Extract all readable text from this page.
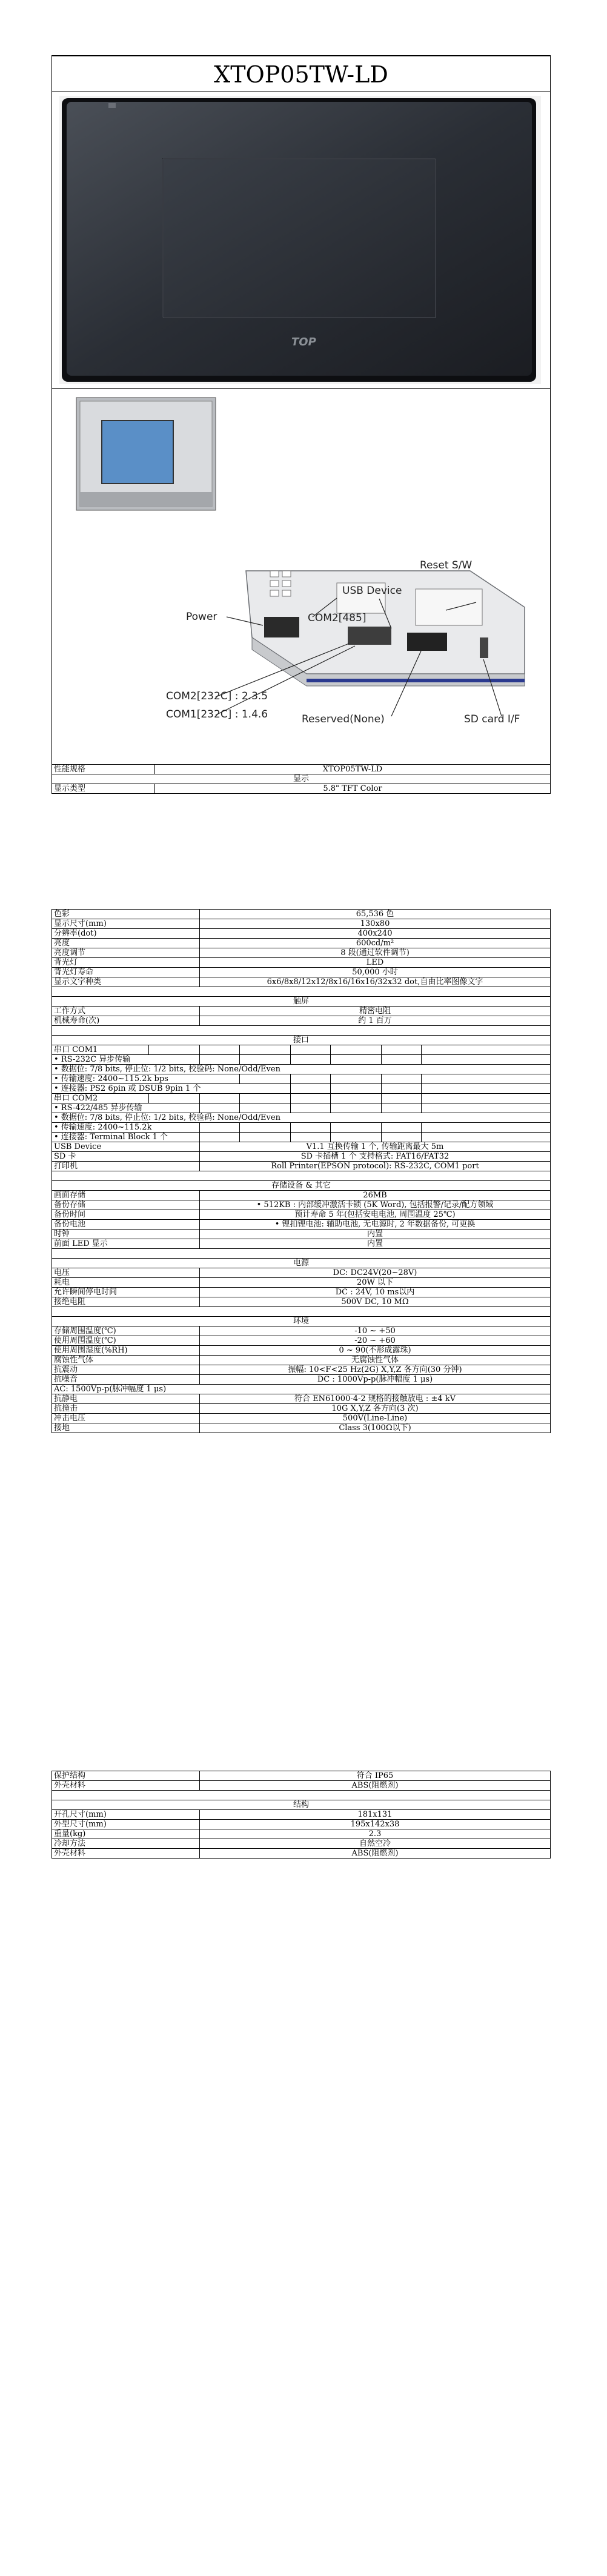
XTOP05TW-LD
TOP
Reset S/W
USB Device
COM2[485]
Power
COM2[232C] : 2.3.5
COM1[232C] : 1.4.6	Reserved(None)	SD card I/F
性能规格	XTOP05TW-LD
显示	
显示类型	5.8" TFT Color
色彩		65,536 色					
显示尺寸(mm)		130x80					
分辨率(dot)		400x240					
亮度		600cd/m²					
亮度调节		8 段(通过软件调节)					
背光灯		LED					
背光灯寿命		50,000 小时					
显示文字种类		6x6/8x8/12x12/8x16/16x16/32x32 dot,自由比率图像文字					

触屏							
工作方式		精密电阻					
机械寿命(次)		约 1 百万					

接口							
串口 COM1							
• RS-232C 异步传输							
• 数据位: 7/8 bits, 停止位: 1/2 bits, 校验码: None/Odd/Even							
• 传输速度: 2400~115.2k bps							
• 连接器: PS2 6pin 或 DSUB 9pin 1 个							
串口 COM2							
• RS-422/485 异步传输							
• 数据位: 7/8 bits, 停止位: 1/2 bits, 校验码: None/Odd/Even							
• 传输速度: 2400~115.2k							
• 连接器: Terminal Block 1 个							
USB Device		V1.1 互换传输 1 个, 传输距离最大 5m					
SD 卡		SD 卡插槽 1 个 支持格式: FAT16/FAT32					
打印机		Roll Printer(EPSON protocol): RS-232C, COM1 port					

存储设备 & 其它							
画面存储		26MB					
备份存储		• 512KB : 内部缓冲激活卡锁 (5K Word), 包括报警/记录/配方领域					
备份时间		预计寿命 5 年(包括安电电池, 周围温度 25℃)					
备份电池		• 锂扣锂电池: 辅助电池, 无电源时, 2 年数据备份, 可更换					
时钟		内置					
前面 LED 显示		内置					

电源							
电压		DC: DC24V(20~28V)					
耗电		20W 以下					
允许瞬间停电时间		DC : 24V, 10 ms以内					
接绝电阻		500V DC, 10 MΩ					

环境							
存储周围温度(℃)		-10 ~ +50					
使用周围温度(℃)		-20 ~ +60					
使用周围湿度(%RH)		0 ~ 90(不形成露珠)					
腐蚀性气体		无腐蚀性气体					
抗震动		振幅: 10<F<25 Hz(2G) X,Y,Z 各方向(30 分钟)					
抗噪音		DC : 1000Vp-p(脉冲幅度 1 μs)					
AC: 1500Vp-p(脉冲幅度 1 μs)							
抗静电		符合 EN61000-4-2 规格的接触放电 : ±4 kV					
抗撞击		10G X,Y,Z 各方向(3 次)					
冲击电压		500V(Line-Line)					
接地		Class 3(100Ω以下)					
保护结构	符合 IP65
外壳材料	ABS(阻燃剂)

结构	
开孔尺寸(mm)	181x131
外型尺寸(mm)	195x142x38
重量(kg)	2.3
冷却方法	自然空冷
外壳材料	ABS(阻燃剂)
